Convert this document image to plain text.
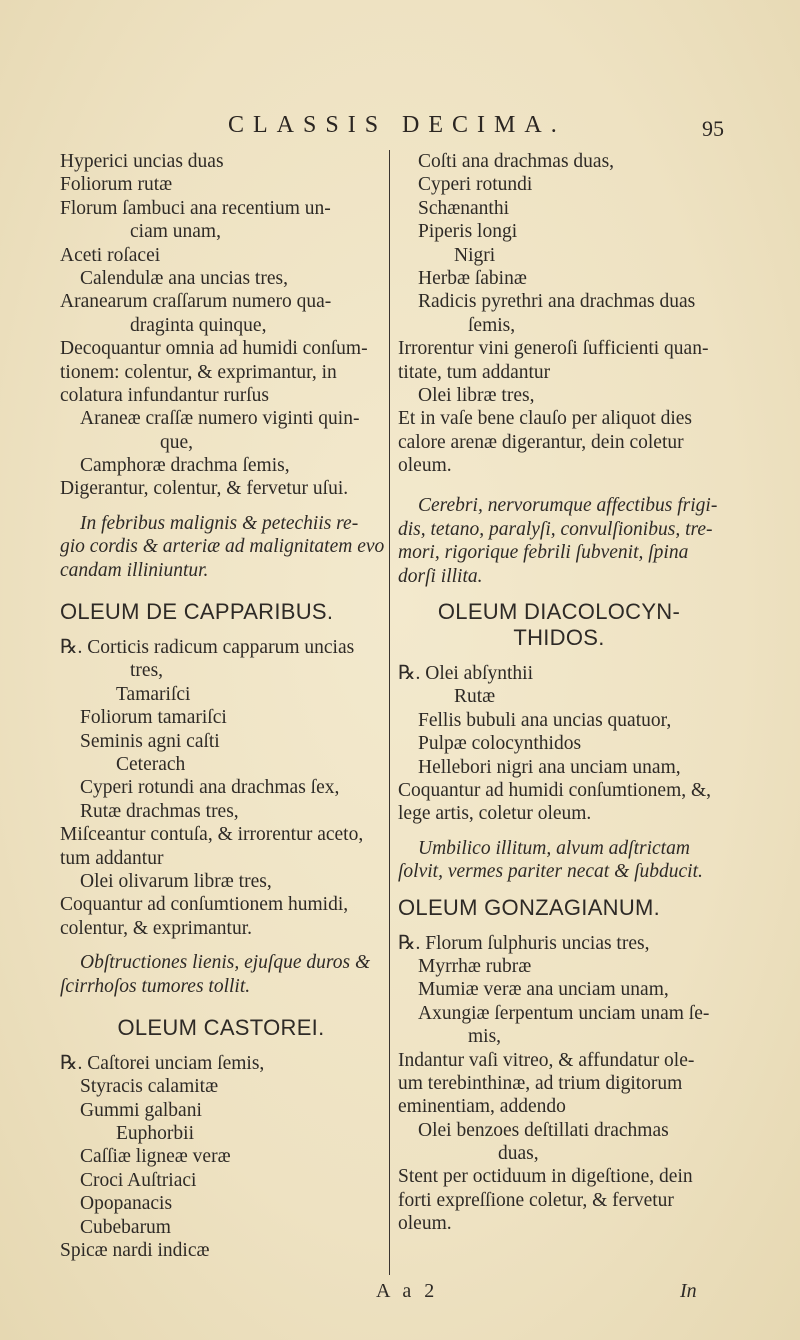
CLASSIS DECIMA.	95
Hyperici uncias duas
Foliorum rutæ
Florum ſambuci ana recentium un-
ciam unam,
Aceti roſacei
Calendulæ ana uncias tres,
Aranearum craſſarum numero qua-
draginta quinque,
Decoquantur omnia ad humidi conſum-
tionem: colentur, & exprimantur, in
colatura infundantur rurſus
Araneæ craſſæ numero viginti quin-
que,
Camphoræ drachma ſemis,
Digerantur, colentur, & fervetur uſui.
In febribus malignis & petechiis re-
gio cordis & arteriæ ad malignitatem evo
candam illiniuntur.
OLEUM DE CAPPARIBUS.
℞. Corticis radicum capparum uncias
tres,
Tamariſci
Foliorum tamariſci
Seminis agni caſti
Ceterach
Cyperi rotundi ana drachmas ſex,
Rutæ drachmas tres,
Miſceantur contuſa, & irrorentur aceto,
tum addantur
Olei olivarum libræ tres,
Coquantur ad conſumtionem humidi,
colentur, & exprimantur.
Obſtructiones lienis, ejuſque duros &
ſcirrhoſos tumores tollit.
OLEUM CASTOREI.
℞. Caſtorei unciam ſemis,
Styracis calamitæ
Gummi galbani
Euphorbii
Caſſiæ ligneæ veræ
Croci Auſtriaci
Opopanacis
Cubebarum
Spicæ nardi indicæ
Coſti ana drachmas duas,
Cyperi rotundi
Schænanthi
Piperis longi
Nigri
Herbæ ſabinæ
Radicis pyrethri ana drachmas duas
ſemis,
Irrorentur vini generoſi ſufficienti quan-
titate, tum addantur
Olei libræ tres,
Et in vaſe bene clauſo per aliquot dies
calore arenæ digerantur, dein coletur
oleum.
Cerebri, nervorumque affectibus frigi-
dis, tetano, paralyſi, convulſionibus, tre-
mori, rigorique febrili ſubvenit, ſpina
dorſi illita.
OLEUM DIACOLOCYN-
THIDOS.
℞. Olei abſynthii
Rutæ
Fellis bubuli ana uncias quatuor,
Pulpæ colocynthidos
Hellebori nigri ana unciam unam,
Coquantur ad humidi conſumtionem, &,
lege artis, coletur oleum.
Umbilico illitum, alvum adſtrictam
ſolvit, vermes pariter necat & ſubducit.
OLEUM GONZAGIANUM.
℞. Florum ſulphuris uncias tres,
Myrrhæ rubræ
Mumiæ veræ ana unciam unam,
Axungiæ ſerpentum unciam unam ſe-
mis,
Indantur vaſi vitreo, & affundatur ole-
um terebinthinæ, ad trium digitorum
eminentiam, addendo
Olei benzoes deſtillati drachmas
duas,
Stent per octiduum in digeſtione, dein
forti expreſſione coletur, & fervetur
oleum.
A a 2	In
